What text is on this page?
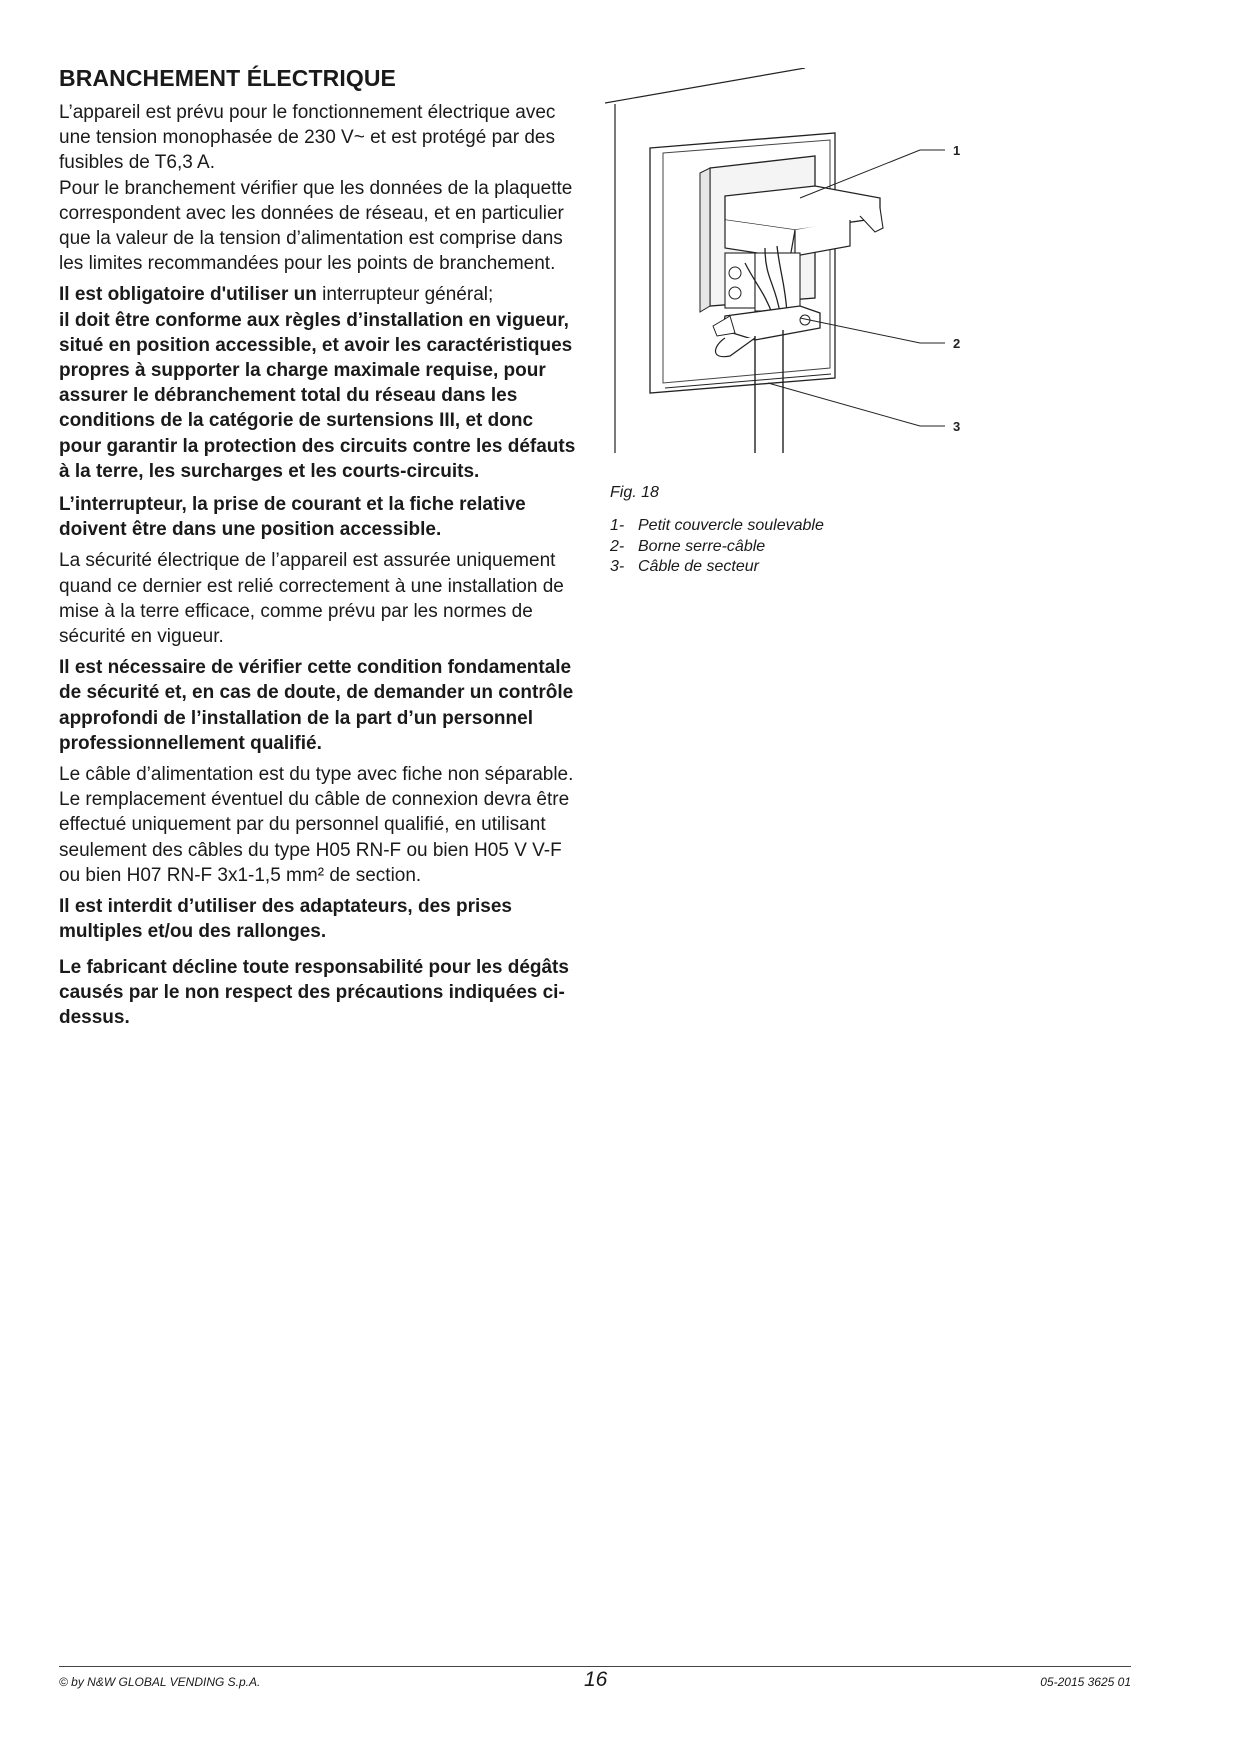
BRANCHEMENT ÉLECTRIQUE

L’appareil est prévu pour le fonctionnement électrique avec une tension monophasée de 230 V~ et est protégé par des fusibles de T6,3 A.

Pour le branchement vérifier que les données de la plaquette correspondent avec les données de réseau, et en particulier que la valeur de la tension d’alimentation est comprise dans les limites recommandées pour les points de branchement.

Il est obligatoire d'utiliser un interrupteur général;
il doit être conforme aux règles d’installation en vigueur, situé en position accessible, et avoir les caractéristiques propres à supporter la charge maximale requise, pour assurer le débranchement total du réseau dans les conditions de la catégorie de surtensions III, et donc pour garantir la protection des circuits contre les défauts à la terre, les surcharges et les courts-circuits.

L’interrupteur, la prise de courant et la fiche relative doivent être dans une position accessible.

La sécurité électrique de l’appareil est assurée uniquement quand ce dernier est relié correctement à une installation de mise à la terre efficace, comme prévu par les normes de sécurité en vigueur.

Il est nécessaire de vérifier cette condition fondamentale de sécurité et, en cas de doute, de demander un contrôle approfondi de l’installation de la part d’un personnel professionnellement qualifié.

Le câble d’alimentation est du type avec fiche non séparable. Le remplacement éventuel du câble de connexion devra être effectué uniquement par du personnel qualifié, en utilisant seulement des câbles du type H05 RN-F ou bien H05 V V-F ou bien H07 RN-F 3x1-1,5 mm² de section.

Il est interdit d’utiliser des adaptateurs, des prises multiples et/ou des rallonges.

Le fabricant décline toute responsabilité pour les dégâts causés par le non respect des précautions indiquées ci-dessus.

1
2
3
Fig. 18
1- Petit couvercle soulevable
2- Borne serre-câble
3- Câble de secteur
© by N&W GLOBAL VENDING S.p.A.	16	05-2015 3625 01
